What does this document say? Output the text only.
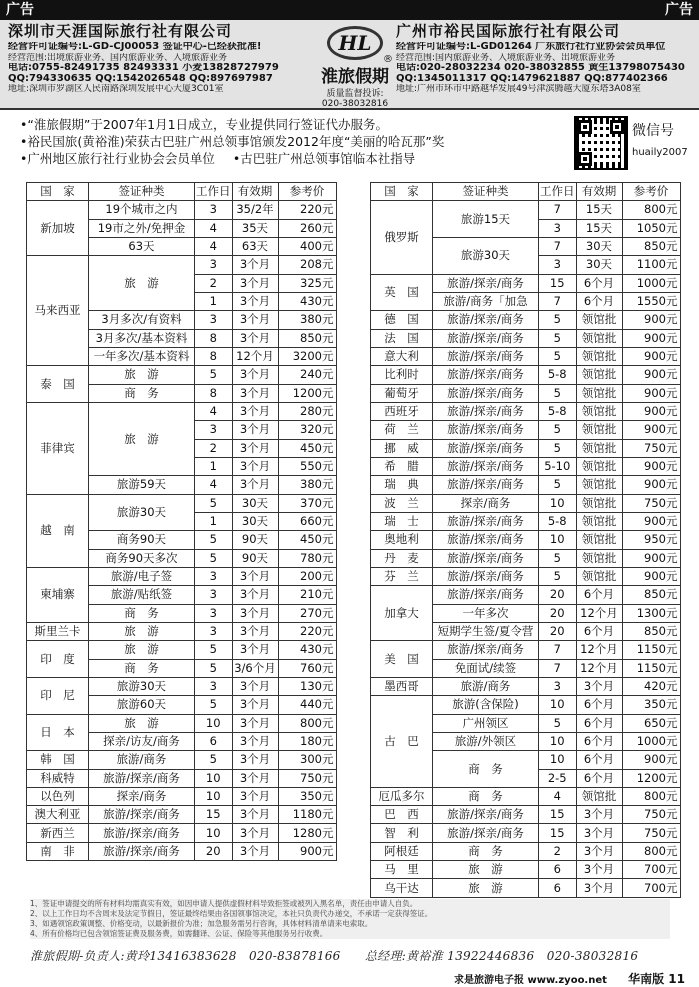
广告	广告
深圳市天涯国际旅行社有限公司
经营许可证编号:L-GD-CJ00053 签证中心-已经获批准!
经营范围:出境旅游业务、国内旅游业务、入境旅游业务
电话:0755-82491735 82493331 小麦13828727979
QQ:794330635 QQ:154202654​8 QQ:897697987
地址:深圳市罗湖区人民南路深圳发展中心大厦3C01室
HL
®
淮旅假期
质量监督投诉: 020-38032816
广州市裕民国际旅行社有限公司
经营许可证编号:L-GD01264 广东旅行社行业协会会员单位
经营范围:国内旅游业务、入境旅游业务、出境旅游业务
电话:020-28032234 020-38032855 黄生13798075430
QQ:1345011317 QQ:1479621887 QQ:877402366
地址:广州市环市中路越华发展49号津滨腾越大厦东塔3A08室
•“淮旅假期”于2007年1月1日成立，专业提供同行签证代办服务。
•裕民国旅(黄裕淮)荣获古巴驻广州总领事馆颁发2012年度“美丽的哈瓦那”奖
•广州地区旅行社行业协会会员单位 •古巴驻广州总领事馆临本社指导
微信号
huaily2007
国　家	签证种类	工作日	有效期	参考价
新加坡	19个城市之内	3	35/2年	220元
	19市之外/免押金	4	35天	260元
	63天	4	63天	400元
马来西亚	旅　游	3	3个月	208元
		2	3个月	325元
		1	3个月	430元
	3月多次/有资料	3	3个月	380元
	3月多次/基本资料	8	3个月	850元
	一年多次/基本资料	8	12个月	3200元
泰　国	旅　游	5	3个月	240元
	商　务	8	3个月	1200元
菲律宾	旅　游	4	3个月	280元
		3	3个月	320元
		2	3个月	450元
		1	3个月	550元
	旅游59天	4	3个月	380元
越　南	旅游30天	5	30天	370元
		1	30天	660元
	商务90天	5	90天	450元
	商务90天多次	5	90天	780元
柬埔寨	旅游/电子签	3	3个月	200元
	旅游/贴纸签	3	3个月	210元
	商　务	3	3个月	270元
斯里兰卡	旅　游	3	3个月	220元
印　度	旅　游	5	3个月	430元
	商　务	5	3/6个月	760元
印　尼	旅游30天	3	3个月	130元
	旅游60天	5	3个月	440元
日　本	旅　游	10	3个月	800元
	探亲/访友/商务	6	3个月	180元
韩　国	旅游/商务	5	3个月	300元
科威特	旅游/探亲/商务	10	3个月	750元
以色列	探亲/商务	10	3个月	350元
澳大利亚	旅游/探亲/商务	15	3个月	1180元
新西兰	旅游/探亲/商务	10	3个月	1280元
南　非	旅游/探亲/商务	20	3个月	900元
国　家	签证种类	工作日	有效期	参考价
俄罗斯	旅游15天	7	15天	800元
		3	15天	1050元
	旅游30天	7	30天	850元
		3	30天	1100元
英　国	旅游/探亲/商务	15	6个月	1000元
	旅游/商务「加急	7	6个月	1550元
德　国	旅游/探亲/商务	5	领馆批	900元
法　国	旅游/探亲/商务	5	领馆批	900元
意大利	旅游/探亲/商务	5	领馆批	900元
比利时	旅游/探亲/商务	5-8	领馆批	900元
葡萄牙	旅游/探亲/商务	5	领馆批	900元
西班牙	旅游/探亲/商务	5-8	领馆批	900元
荷　兰	旅游/探亲/商务	5	领馆批	900元
挪　威	旅游/探亲/商务	5	领馆批	750元
希　腊	旅游/探亲/商务	5-10	领馆批	900元
瑞　典	旅游/探亲/商务	5	领馆批	900元
波　兰	探亲/商务	10	领馆批	750元
瑞　士	旅游/探亲/商务	5-8	领馆批	900元
奥地利	旅游/探亲/商务	10	领馆批	950元
丹　麦	旅游/探亲/商务	5	领馆批	900元
芬　兰	旅游/探亲/商务	5	领馆批	900元
加拿大	旅游/探亲/商务	20	6个月	850元
	一年多次	20	12个月	1300元
	短期学生签/夏令营	20	6个月	850元
美　国	旅游/探亲/商务	7	12个月	1150元
	免面试/续签	7	12个月	1150元
墨西哥	旅游/商务	3	3个月	420元
古　巴	旅游(含保险)	10	6个月	350元
	广州领区	5	6个月	650元
	旅游/外领区	10	6个月	1000元
	商　务	10	6个月	900元
		2-5	6个月	1200元
厄瓜多尔	商　务	4	领馆批	800元
巴　西	旅游/探亲/商务	15	3个月	750元
智　利	旅游/探亲/商务	15	3个月	750元
阿根廷	商　务	2	3个月	800元
马　里	旅　游	6	3个月	700元
乌干达	旅　游	6	3个月	700元
1、签证申请提交的所有材料均需真实有效，如因申请人提供虚假材料导致拒签或被列入黑名单，责任由申请人自负。
2、以上工作日均不含周末及法定节假日，签证最终结果由各国领事馆决定，本社只负责代办递交，不承诺一定获得签证。
3、如遇领馆政策调整、价格变动，以最新报价为准；加急服务需另行咨询，具体材料清单请来电索取。
4、所有价格均已包含领馆签证费及服务费，如需翻译、公证、保险等其他服务另行收费。
淮旅假期-负责人:黄玲13416383628　020-83878166 总经理:黄裕淮 13922446836　020-38032816
求是旅游电子报 www.zyoo.net 华南版 11
